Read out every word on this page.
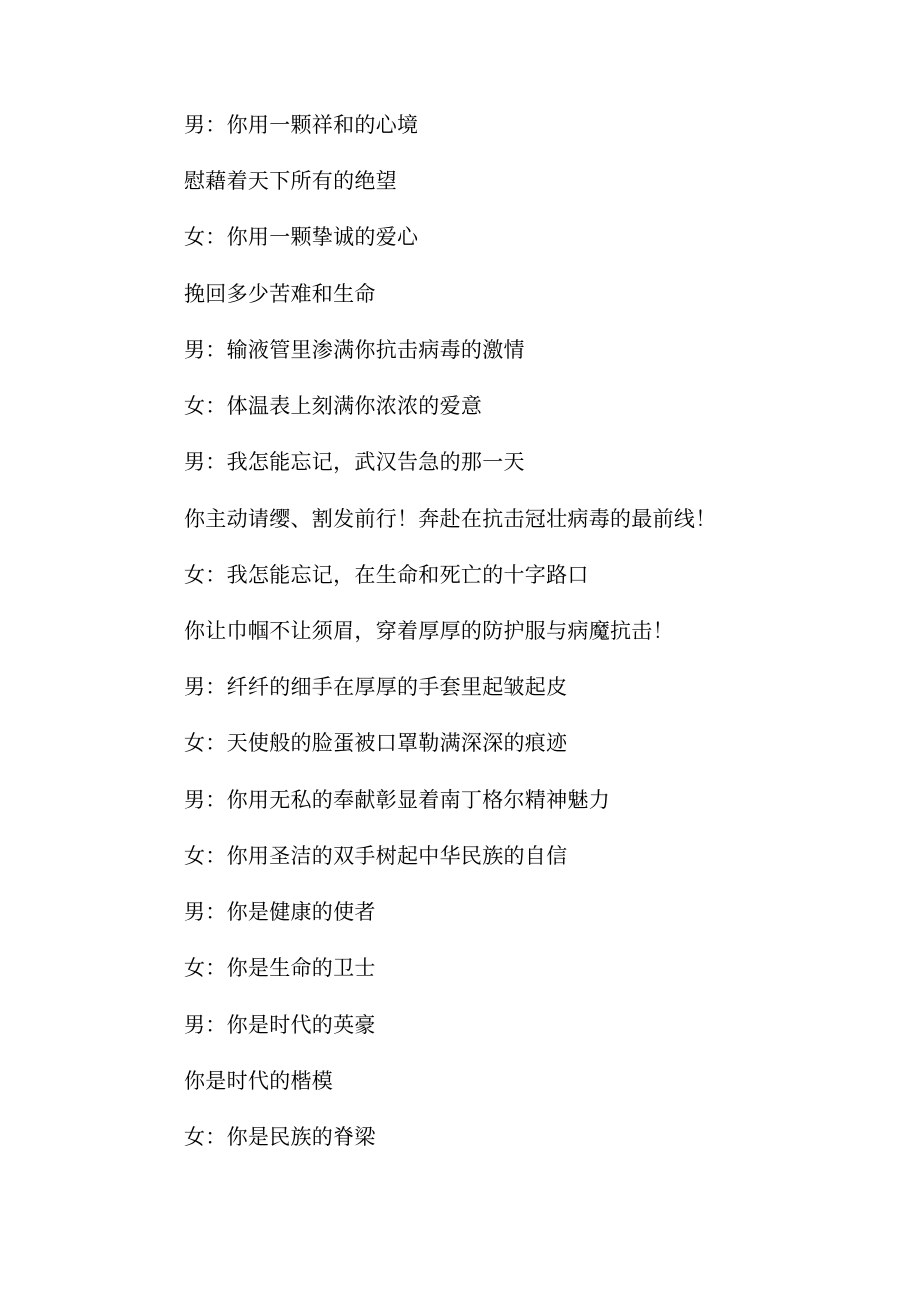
男：你用一颗祥和的心境
慰藉着天下所有的绝望
女：你用一颗挚诚的爱心
挽回多少苦难和生命
男：输液管里渗满你抗击病毒的激情
女：体温表上刻满你浓浓的爱意
男：我怎能忘记，武汉告急的那一天
你主动请缨、割发前行！奔赴在抗击冠壮病毒的最前线！
女：我怎能忘记，在生命和死亡的十字路口
你让巾帼不让须眉，穿着厚厚的防护服与病魔抗击！
男：纤纤的细手在厚厚的手套里起皱起皮
女：天使般的脸蛋被口罩勒满深深的痕迹
男：你用无私的奉献彰显着南丁格尔精神魅力
女：你用圣洁的双手树起中华民族的自信
男：你是健康的使者
女：你是生命的卫士
男：你是时代的英豪
你是时代的楷模
女：你是民族的脊梁
